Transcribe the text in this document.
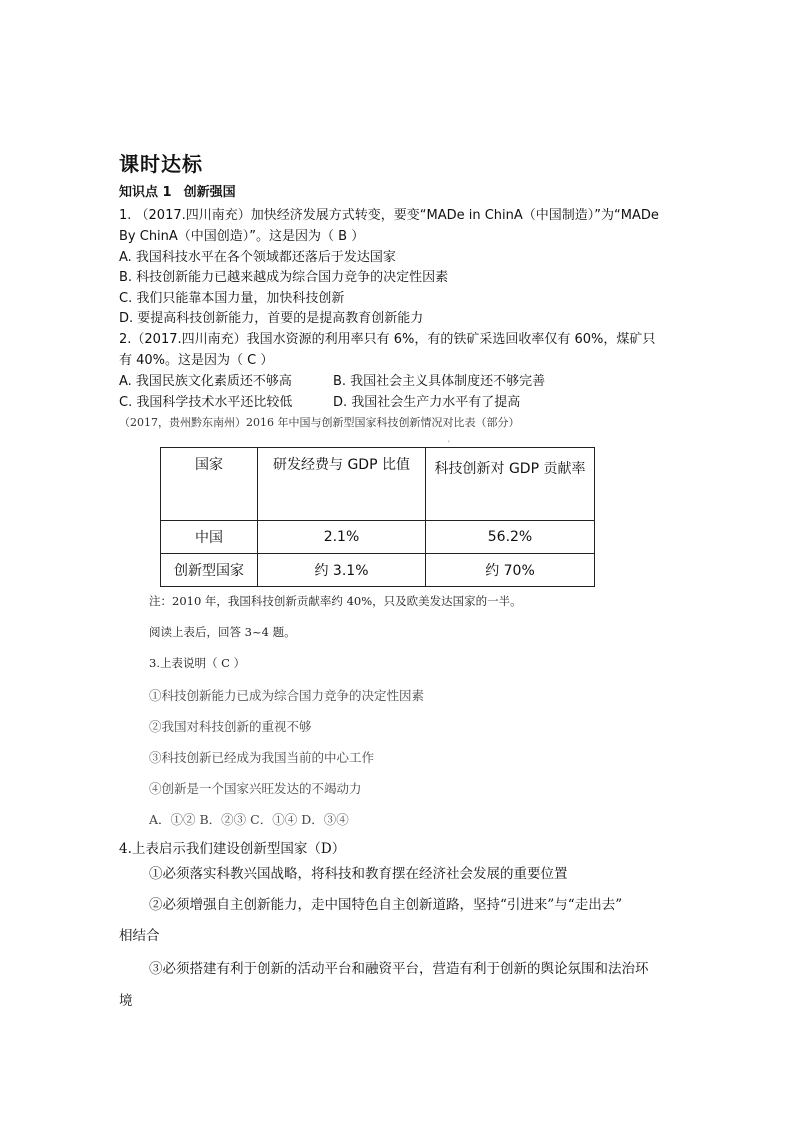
课时达标
知识点 1 创新强国
1. （2017.四川南充）加快经济发展方式转变，要变“MADe in ChinA（中国制造）”为“MADe
By ChinA（中国创造）”。这是因为（ B ）
A. 我国科技水平在各个领域都还落后于发达国家
B. 科技创新能力已越来越成为综合国力竞争的决定性因素
C. 我们只能靠本国力量，加快科技创新
D. 要提高科技创新能力，首要的是提高教育创新能力
2.（2017.四川南充）我国水资源的利用率只有 6%，有的铁矿采选回收率仅有 60%，煤矿只
有 40%。这是因为（ C ）
A. 我国民族文化素质还不够高	B. 我国社会主义具体制度还不够完善
C. 我国科学技术水平还比较低	D. 我国社会生产力水平有了提高
（2017，贵州黔东南州）2016 年中国与创新型国家科技创新情况对比表（部分）
'
国家	研发经费与 GDP 比值	科技创新对 GDP 贡献率
中国	2.1%	56.2%
创新型国家	约 3.1%	约 70%
注：2010 年，我国科技创新贡献率约 40%，只及欧美发达国家的一半。
阅读上表后，回答 3~4 题。
3.上表说明（ C ）
①科技创新能力已成为综合国力竞争的决定性因素
②我国对科技创新的重视不够
③科技创新已经成为我国当前的中心工作
④创新是一个国家兴旺发达的不竭动力
A．①② B．②③ C．①④ D．③④
4.上表启示我们建设创新型国家（D）
①必须落实科教兴国战略，将科技和教育摆在经济社会发展的重要位置
②必须增强自主创新能力，走中国特色自主创新道路，坚持“引进来”与“走出去”
相结合
③必须搭建有利于创新的活动平台和融资平台，营造有利于创新的舆论氛围和法治环
境
